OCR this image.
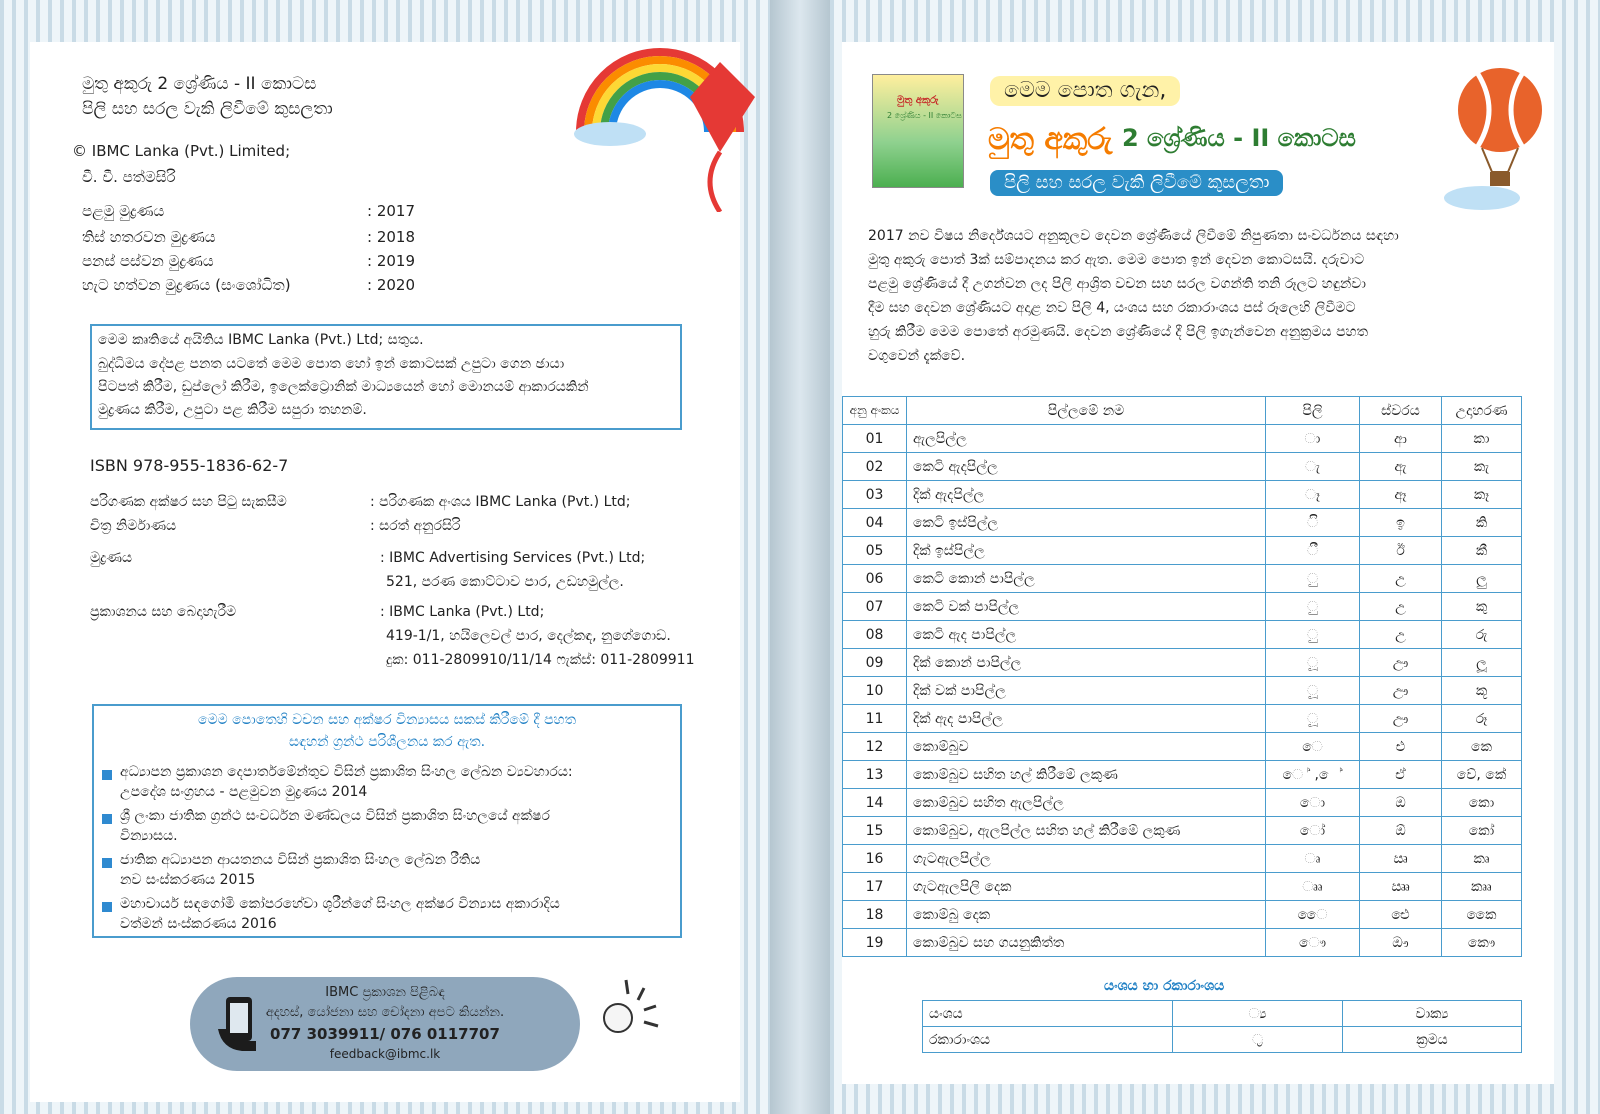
මුතු අකුරු 2 ශ්‍රේණිය - II කොටස
පිලි සහ සරල වැකි ලිවීමේ කුසලතා
© IBMC Lanka (Pvt.) Limited;
වී. වී. පත්මසිරි
පළමු මුද්‍රණය	: 2017
තිස් හතරවන මුද්‍රණය	: 2018
පනස් පස්වන මුද්‍රණය	: 2019
හැට හත්වන මුද්‍රණය (සංශෝධිත)	: 2020
මෙම කෘතියේ අයිතිය IBMC Lanka (Pvt.) Ltd; සතුය.
බුද්ධිමය දේපළ පනත යටතේ මෙම පොත හෝ ඉන් කොටසක් උපුටා ගෙන ඡායා
පිටපත් කිරීම, ඩුප්ලෝ කිරීම, ඉලෙක්ට්‍රොනික් මාධ්‍යයෙන් හෝ මොනයම් ආකාරයකින්
මුද්‍රණය කිරීම, උපුටා පළ කිරීම සපුරා තහනම්.
ISBN 978-955-1836-62-7
පරිගණක අක්ෂර සහ පිටු සැකසීම	: පරිගණක අංශය IBMC Lanka (Pvt.) Ltd;
චිත්‍ර නිර්මාණය	: සරත් අනුරසිරි
මුද්‍රණය	: IBMC Advertising Services (Pvt.) Ltd;
521, පරණ කොට්ටාව පාර, උඩහමුල්ල.
ප්‍රකාශනය සහ බෙදාහැරීම	: IBMC Lanka (Pvt.) Ltd;
419-1/1, හයිලෙවල් පාර, දෙල්කඳ, නුගේගොඩ.
දුක: 011-2809910/11/14 ෆැක්ස්: 011-2809911
මෙම පොතෙහි වචන සහ අක්ෂර වින්‍යාසය සකස් කිරීමේ දී පහත
සඳහන් ග්‍රන්ථ පරිශීලනය කර ඇත.
අධ්‍යාපන ප්‍රකාශන දෙපාර්තමේන්තුව විසින් ප්‍රකාශිත සිංහල ලේඛන ව්‍යවහාරය:
උපදේශ සංග්‍රහය - පළමුවන මුද්‍රණය 2014
ශ්‍රී ලංකා ජාතික ග්‍රන්ථ සංවර්ධන මණ්ඩලය විසින් ප්‍රකාශිත සිංහලයේ අක්ෂර
වින්‍යාසය.
ජාතික අධ්‍යාපන ආයතනය විසින් ප්‍රකාශිත සිංහල ලේඛන රීතිය
නව සංස්කරණය 2015
මහාචාර්ය සඳගෝමි කෝපරහේවා ශූරීන්ගේ සිංහල අක්ෂර වින්‍යාස අකාරාදිය
වත්මන් සංස්කරණය 2016
IBMC ප්‍රකාශන පිළිබඳ
අදහස්, යෝජනා සහ චෝදනා අපට කියන්න.
077 3039911/ 076 0117707
feedback@ibmc.lk
මුතු අකුරු
2 ශ්‍රේණිය - II කොටස
මෙම පොත ගැන,
මුතු අකුරු 2 ශ්‍රේණිය - II කොටස
පිලි සහ සරල වැකි ලිවීමේ කුසලතා
2017 නව විෂය නිර්දේශයට අනුකූලව දෙවන ශ්‍රේණියේ ලිවීමේ නිපුණතා සංවර්ධනය සඳහා
මුතු අකුරු පොත් 3ක් සම්පාදනය කර ඇත. මෙම පොත ඉන් දෙවන කොටසයි. දරුවාට
පළමු ශ්‍රේණියේ දී උගන්වන ලද පිලි ආශ්‍රිත වචන සහ සරල වගන්ති තනි රූලට හඳුන්වා
දීම සහ දෙවන ශ්‍රේණියට අදාළ නව පිලි 4, යංශය සහ රකාරාංශය පස් රූලෙහි ලිවීමට
හුරු කිරීම මෙම පොතේ අරමුණයි. දෙවන ශ්‍රේණියේ දී පිලි ඉගැන්වෙන අනුක්‍රමය පහත
වගුවෙන් දැක්වේ.
අනු අංකය	පිල්ලමේ නම	පිලි	ස්වරය	උදාහරණ
01	ඇලපිල්ල	ා	ආ	කා
02	කෙටි ඇදපිල්ල	ැ	ඇ	කැ
03	දික් ඇදපිල්ල	ෑ	ඈ	කෑ
04	කෙටි ඉස්පිල්ල	ි	ඉ	කි
05	දික් ඉස්පිල්ල	ී	ඊ	කී
06	කෙටි කොන් පාපිල්ල	ු	උ	ලු
07	කෙටි වක් පාපිල්ල	ු	උ	කු
08	කෙටි ඇද පාපිල්ල	ු	උ	රු
09	දික් කොන් පාපිල්ල	ූ	ඌ	ලූ
10	දික් වක් පාපිල්ල	ූ	ඌ	කූ
11	දික් ඇද පාපිල්ල	ූ	ඌ	රූ
12	කොම්බුව	ෙ	එ	කෙ
13	කොම්බුව සහිත හල් කිරීමේ ලකුණ	ෙ ් , ෙ ්	ඒ	වේ, කේ
14	කොම්බුව සහිත ඇලපිල්ල	ො	ඔ	කො
15	කොම්බුව, ඇලපිල්ල සහිත හල් කිරීමේ ලකුණ	ෝ	ඕ	කෝ
16	ගැටඇලපිල්ල	ෘ	ඍ	කෘ
17	ගැටඇලපිලි දෙක	ෲ	ඎ	කෲ
18	කොම්බු දෙක	ෛ	ඓ	කෛ
19	කොම්බුව සහ ගයනුකිත්ත	ෞ	ඖ	කෞ
යංශය හා රකාරාංශය
යංශය	්‍ය	වාක්‍ය
රකාරාංශය	්‍ර	ක්‍රමය
